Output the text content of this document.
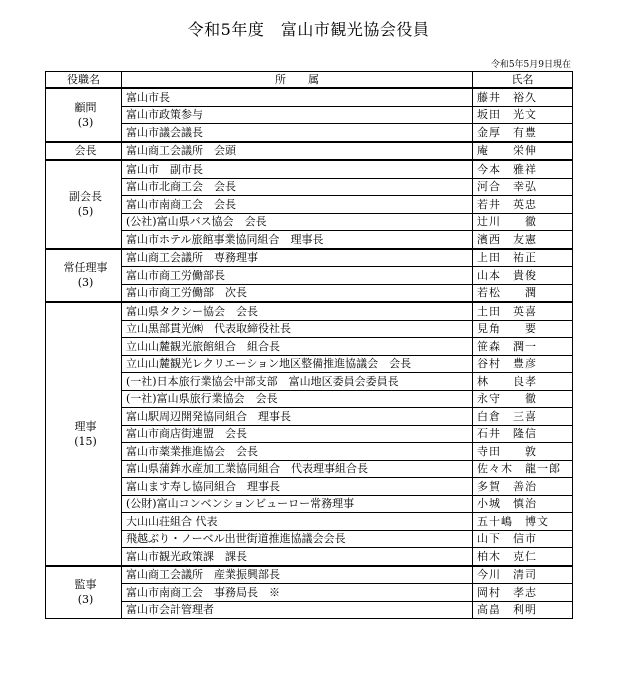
令和5年度　富山市観光協会役員
令和5年5月9日現在
役職名	所　　属	氏名

顧問
(3)	富山市長	藤井　裕久
	富山市政策参与	坂田　光文
	富山市議会議長	金厚　有豊

会長	富山商工会議所　会頭	庵　　栄伸

副会長
(5)	富山市　副市長	今本　雅祥
	富山市北商工会　会長	河合　幸弘
	富山市南商工会　会長	若井　英忠
	(公社)富山県バス協会　会長	辻川　　徹
	富山市ホテル旅館事業協同組合　理事長	濱西　友憲

常任理事
(3)	富山商工会議所　専務理事	上田　祐正
	富山市商工労働部長	山本　貴俊
	富山市商工労働部　次長	若松　　潤

理事
(15)	富山県タクシー協会　会長	土田　英喜
	立山黒部貫光㈱　代表取締役社長	見角　　要
	立山山麓観光旅館組合　組合長	笹森　潤一
	立山山麓観光レクリエーション地区整備推進協議会　会長	谷村　豊彦
	(一社)日本旅行業協会中部支部　富山地区委員会委員長	林　　良孝
	(一社)富山県旅行業協会　会長	永守　　徹
	富山駅周辺開発協同組合　理事長	白倉　三喜
	富山市商店街連盟　会長	石井　隆信
	富山市薬業推進協会　会長	寺田　　敦
	富山県蒲鉾水産加工業協同組合　代表理事組合長	佐々木　龍一郎
	富山ます寿し協同組合　理事長	多賀　善治
	(公財)富山コンベンションビューロー常務理事	小城　慎治
	大山山荘組合 代表	五十嶋　博文
	飛越ぶり・ノーベル出世街道推進協議会会長	山下　信市
	富山市観光政策課　課長	柏木　克仁

監事
(3)	富山商工会議所　産業振興部長	今川　清司
	富山市南商工会　事務局長　※	岡村　孝志
	富山市会計管理者	高畠　利明
